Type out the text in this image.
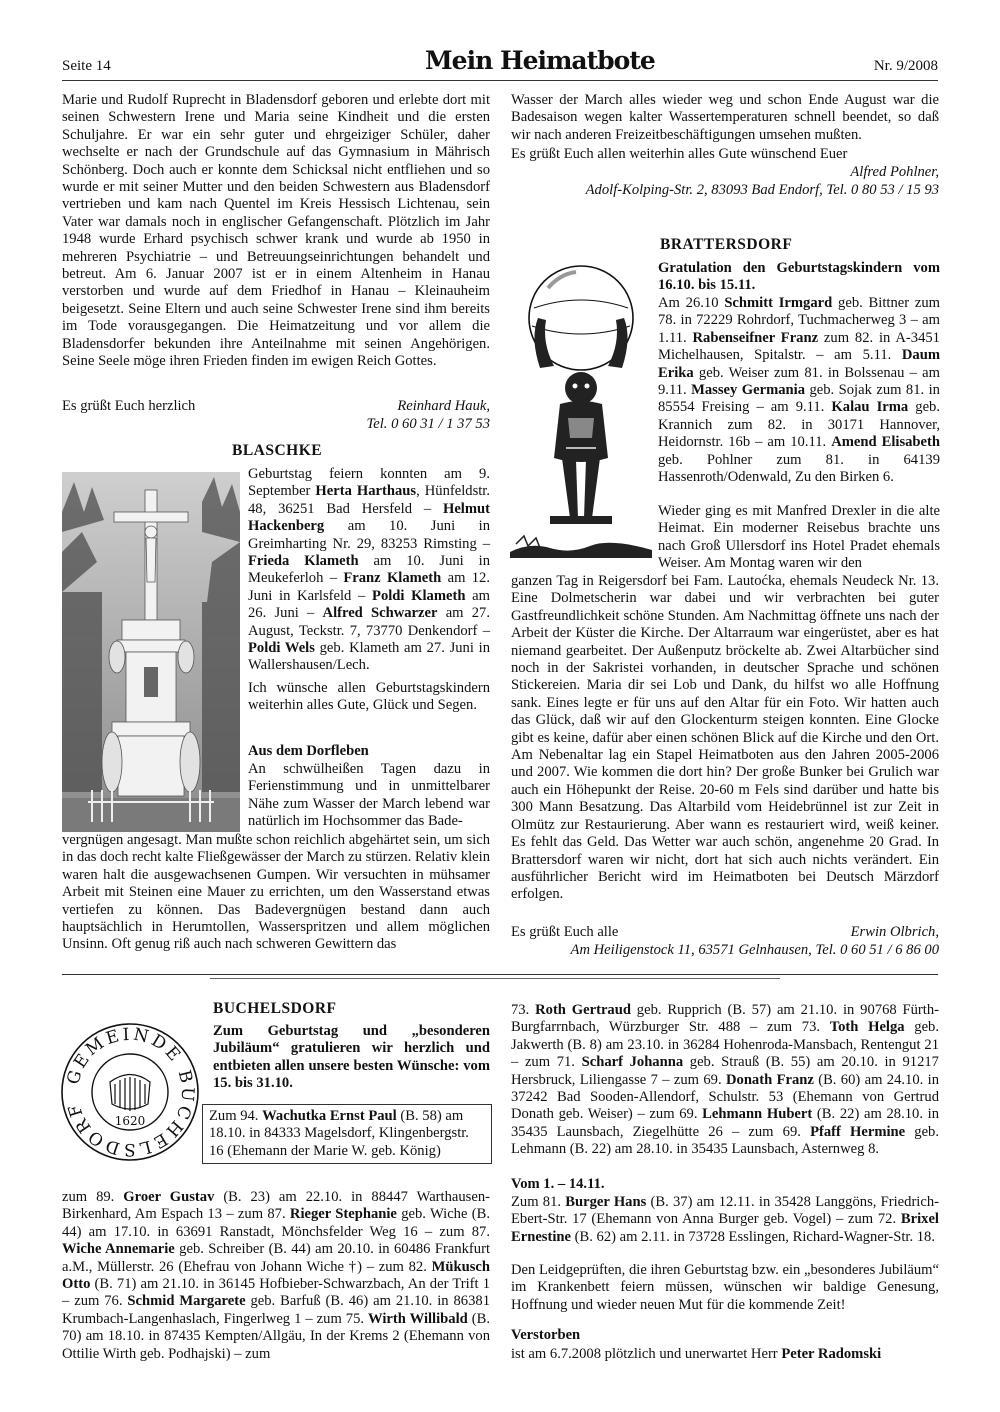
Seite 14	Mein Heimatbote	Nr. 9/2008
Marie und Rudolf Ruprecht in Bladensdorf geboren und erlebte dort mit seinen Schwestern Irene und Maria seine Kindheit und die ersten Schuljahre. Er war ein sehr guter und ehrgeiziger Schüler, daher wechselte er nach der Grundschule auf das Gymnasium in Mährisch Schönberg. Doch auch er konnte dem Schicksal nicht entfliehen und so wurde er mit seiner Mutter und den beiden Schwestern aus Bladensdorf vertrieben und kam nach Quentel im Kreis Hessisch Lichtenau, sein Vater war damals noch in englischer Gefangenschaft. Plötzlich im Jahr 1948 wurde Erhard psychisch schwer krank und wurde ab 1950 in mehreren Psychiatrie – und Betreuungseinrichtungen behandelt und betreut. Am 6. Januar 2007 ist er in einem Altenheim in Hanau verstorben und wurde auf dem Friedhof in Hanau – Kleinauheim beigesetzt. Seine Eltern und auch seine Schwester Irene sind ihm bereits im Tode vorausgegangen. Die Heimatzeitung und vor allem die Bladensdorfer bekunden ihre Anteilnahme mit seinen Angehörigen. Seine Seele möge ihren Frieden finden im ewigen Reich Gottes.
Es grüßt Euch herzlich	Reinhard Hauk,
Tel. 0 60 31 / 1 37 53
BLASCHKE
Geburtstag feiern konnten am 9. September Herta Harthaus, Hünfeldstr. 48, 36251 Bad Hersfeld – Helmut Hackenberg am 10. Juni in Greimharting Nr. 29, 83253 Rimsting – Frieda Klameth am 10. Juni in Meukeferloh – Franz Klameth am 12. Juni in Karlsfeld – Poldi Klameth am 26. Juni – Alfred Schwarzer am 27. August, Teckstr. 7, 73770 Denkendorf – Poldi Wels geb. Klameth am 27. Juni in Wallershausen/Lech.
Ich wünsche allen Geburtstagskindern weiterhin alles Gute, Glück und Segen.
Aus dem Dorfleben
An schwülheißen Tagen dazu in Ferienstimmung und in unmittelbarer Nähe zum Wasser der March lebend war natürlich im Hochsommer das Bade-
vergnügen angesagt. Man mußte schon reichlich abgehärtet sein, um sich in das doch recht kalte Fließgewässer der March zu stürzen. Relativ klein waren halt die ausgewachsenen Gumpen. Wir versuchten in mühsamer Arbeit mit Steinen eine Mauer zu errichten, um den Wasserstand etwas vertiefen zu können. Das Badevergnügen bestand dann auch hauptsächlich in Herumtollen, Wasserspritzen und allem möglichen Unsinn. Oft genug riß auch nach schweren Gewittern das
Wasser der March alles wieder weg und schon Ende August war die Badesaison wegen kalter Wassertemperaturen schnell beendet, so daß wir nach anderen Freizeitbeschäftigungen umsehen mußten.
Es grüßt Euch allen weiterhin alles Gute wünschend Euer
Alfred Pohlner,
Adolf-Kolping-Str. 2, 83093 Bad Endorf, Tel. 0 80 53 / 15 93
BRATTERSDORF
Gratulation den Geburtstagskindern vom 16.10. bis 15.11.
Am 26.10 Schmitt Irmgard geb. Bittner zum 78. in 72229 Rohrdorf, Tuchmacherweg 3 – am 1.11. Rabenseifner Franz zum 82. in A-3451 Michelhausen, Spitalstr. – am 5.11. Daum Erika geb. Weiser zum 81. in Bolssenau – am 9.11. Massey Germania geb. Sojak zum 81. in 85554 Freising – am 9.11. Kalau Irma geb. Krannich zum 82. in 30171 Hannover, Heidornstr. 16b – am 10.11. Amend Elisabeth geb. Pohlner zum 81. in 64139 Hassenroth/Odenwald, Zu den Birken 6.
Wieder ging es mit Manfred Drexler in die alte Heimat. Ein moderner Reisebus brachte uns nach Groß Ullersdorf ins Hotel Pradet ehemals Weiser. Am Montag waren wir den
ganzen Tag in Reigersdorf bei Fam. Lautoćka, ehemals Neudeck Nr. 13. Eine Dolmetscherin war dabei und wir verbrachten bei guter Gastfreundlichkeit schöne Stunden. Am Nachmittag öffnete uns nach der Arbeit der Küster die Kirche. Der Altarraum war eingerüstet, aber es hat niemand gearbeitet. Der Außenputz bröckelte ab. Zwei Altarbücher sind noch in der Sakristei vorhanden, in deutscher Sprache und schönen Stickereien. Maria dir sei Lob und Dank, du hilfst wo alle Hoffnung sank. Eines legte er für uns auf den Altar für ein Foto. Wir hatten auch das Glück, daß wir auf den Glockenturm steigen konnten. Eine Glocke gibt es keine, dafür aber einen schönen Blick auf die Kirche und den Ort. Am Nebenaltar lag ein Stapel Heimatboten aus den Jahren 2005-2006 und 2007. Wie kommen die dort hin? Der große Bunker bei Grulich war auch ein Höhepunkt der Reise. 20-60 m Fels sind darüber und hatte bis 300 Mann Besatzung. Das Altarbild vom Heidebrünnel ist zur Zeit in Olmütz zur Restaurierung. Aber wann es restauriert wird, weiß keiner. Es fehlt das Geld. Das Wetter war auch schön, angenehme 20 Grad. In Brattersdorf waren wir nicht, dort hat sich auch nichts verändert. Ein ausführlicher Bericht wird im Heimatboten bei Deutsch Märzdorf erfolgen.
Es grüßt Euch alle	Erwin Olbrich,
Am Heiligenstock 11, 63571 Gelnhausen, Tel. 0 60 51 / 6 86 00
GEMEINDE BUCHELSDORF
1620
BUCHELSDORF
Zum Geburtstag und „besonderen Jubiläum“ gratulieren wir herzlich und entbieten allen unsere besten Wünsche: vom 15. bis 31.10.
Zum 94. Wachutka Ernst Paul (B. 58) am 18.10. in 84333 Magelsdorf, Klingenbergstr. 16 (Ehemann der Marie W. geb. König)
zum 89. Groer Gustav (B. 23) am 22.10. in 88447 Warthausen-Birkenhard, Am Espach 13 – zum 87. Rieger Stephanie geb. Wiche (B. 44) am 17.10. in 63691 Ranstadt, Mönchsfelder Weg 16 – zum 87. Wiche Annemarie geb. Schreiber (B. 44) am 20.10. in 60486 Frankfurt a.M., Müllerstr. 26 (Ehefrau von Johann Wiche †) – zum 82. Mükusch Otto (B. 71) am 21.10. in 36145 Hofbieber-Schwarzbach, An der Trift 1 – zum 76. Schmid Margarete geb. Barfuß (B. 46) am 21.10. in 86381 Krumbach-Langenhaslach, Fingerlweg 1 – zum 75. Wirth Willibald (B. 70) am 18.10. in 87435 Kempten/Allgäu, In der Krems 2 (Ehemann von Ottilie Wirth geb. Podhajski) – zum
73. Roth Gertraud geb. Rupprich (B. 57) am 21.10. in 90768 Fürth-Burgfarrnbach, Würzburger Str. 488 – zum 73. Toth Helga geb. Jakwerth (B. 8) am 23.10. in 36284 Hohenroda-Mansbach, Rentengut 21 – zum 71. Scharf Johanna geb. Strauß (B. 55) am 20.10. in 91217 Hersbruck, Liliengasse 7 – zum 69. Donath Franz (B. 60) am 24.10. in 37242 Bad Sooden-Allendorf, Schulstr. 53 (Ehemann von Gertrud Donath geb. Weiser) – zum 69. Lehmann Hubert (B. 22) am 28.10. in 35435 Launsbach, Ziegelhütte 26 – zum 69. Pfaff Hermine geb. Lehmann (B. 22) am 28.10. in 35435 Launsbach, Asternweg 8.
Vom 1. – 14.11.
Zum 81. Burger Hans (B. 37) am 12.11. in 35428 Langgöns, Friedrich-Ebert-Str. 17 (Ehemann von Anna Burger geb. Vogel) – zum 72. Brixel Ernestine (B. 62) am 2.11. in 73728 Esslingen, Richard-Wagner-Str. 18.
Den Leidgeprüften, die ihren Geburtstag bzw. ein „besonderes Jubiläum“ im Krankenbett feiern müssen, wünschen wir baldige Genesung, Hoffnung und wieder neuen Mut für die kommende Zeit!
Verstorben
ist am 6.7.2008 plötzlich und unerwartet Herr Peter Radomski
